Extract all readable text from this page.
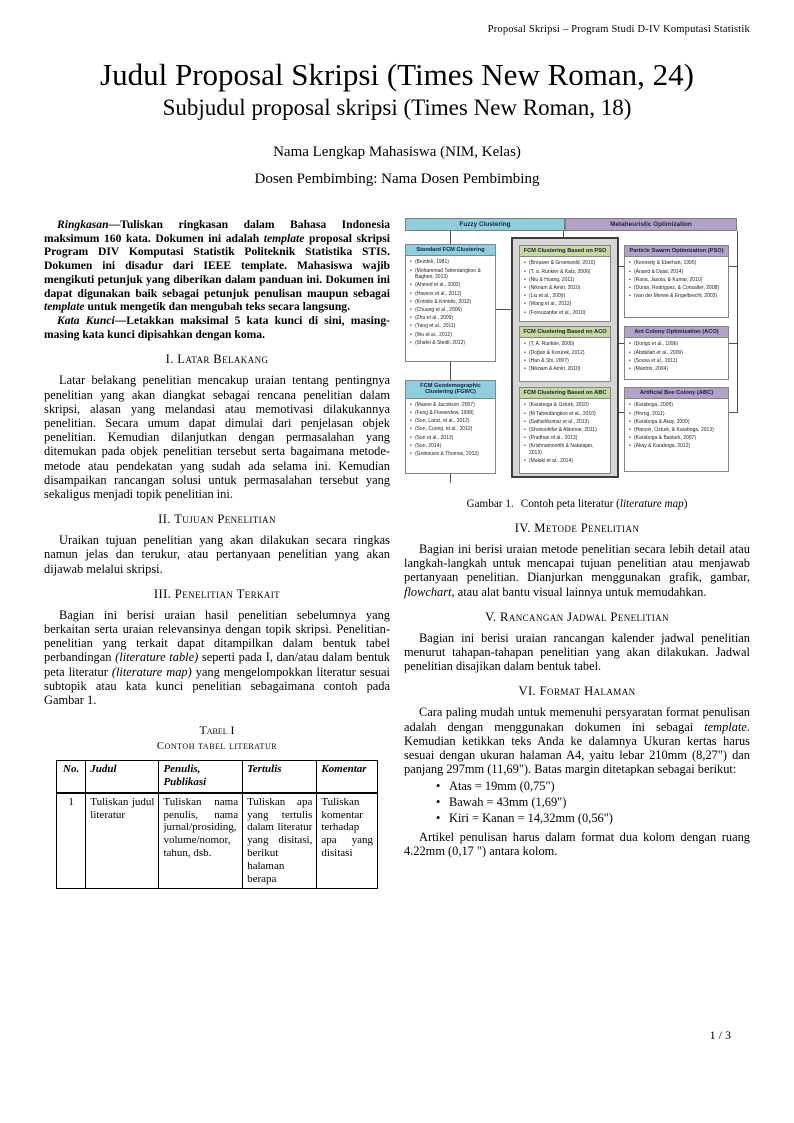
Proposal Skripsi – Program Studi D-IV Komputasi Statistik
Judul Proposal Skripsi (Times New Roman, 24)
Subjudul proposal skripsi (Times New Roman, 18)
Nama Lengkap Mahasiswa (NIM, Kelas)
Dosen Pembimbing: Nama Dosen Pembimbing

Ringkasan—Tuliskan ringkasan dalam Bahasa Indonesia maksimum 160 kata. Dokumen ini adalah template proposal skripsi Program DIV Komputasi Statistik Politeknik Statistika STIS. Dokumen ini disadur dari IEEE template. Mahasiswa wajib mengikuti petunjuk yang diberikan dalam panduan ini. Dokumen ini dapat digunakan baik sebagai petunjuk penulisan maupun sebagai template untuk mengetik dan mengubah teks secara langsung.

Kata Kunci—Letakkan maksimal 5 kata kunci di sini, masing-masing kata kunci dipisahkan dengan koma.

I. Latar Belakang

Latar belakang penelitian mencakup uraian tentang pentingnya penelitian yang akan diangkat sebagai rencana penelitian dalam skripsi, alasan yang melandasi atau memotivasi dilakukannya penelitian. Secara umum dapat dimulai dari penjelasan objek penelitian. Kemudian dilanjutkan dengan permasalahan yang ditemukan pada objek penelitian tersebut serta bagaimana metode-metode atau pendekatan yang sudah ada selama ini. Kemudian disampaikan rancangan solusi untuk permasalahan tersebut yang sekaligus menjadi topik penelitian ini.

II. Tujuan Penelitian

Uraikan tujuan penelitian yang akan dilakukan secara ringkas namun jelas dan terukur, atau pertanyaan penelitian yang akan dijawab melalui skripsi.

III. Penelitian Terkait

Bagian ini berisi uraian hasil penelitian sebelumnya yang berkaitan serta uraian relevansinya dengan topik skripsi. Penelitian-penelitian yang terkait dapat ditampilkan dalam bentuk tabel perbandingan (literature table) seperti pada I, dan/atau dalam bentuk peta literatur (literature map) yang mengelompokkan literatur sesuai subtopik atau kata kunci penelitian sebagaimana contoh pada Gambar 1.

Tabel I
Contoh tabel literatur
No.	Judul	Penulis, Publikasi	Tertulis	Komentar
1	Tuliskan judul literatur	Tuliskan nama penulis, nama jurnal/prosiding, volume/nomor, tahun, dsb.	Tuliskan apa yang tertulis dalam literatur yang disitasi, berikut halaman berapa	Tuliskan komentar terhadap apa yang disitasi
Fuzzy Clustering	Metaheuristic Optimization
Standard FCM Clustering
• (Bezdek, 1981)
• (Mohammad Taherdangkoo & Bagheri, 2013)
• (Ahmed et al., 2002)
• (Havens et al., 2012)
• (Krinidis & Krinidis, 2012)
• (Chuang et al., 2006)
• (Zhu et al., 2009)
• (Yang et al., 2011)
• (Wu et al., 2012)
• (Shafei & Steidl, 2012)
FCM Geodemographic Clustering (FGWC)
• (Mason & Jacobson, 2007)
• (Feng & Flowerdew, 1998)
• (Son, Lanzi, et al., 2012)
• (Son, Cuong, et al., 2012)
• (Son et al., 2013)
• (Son, 2014)
• (Grekousis & Thomas, 2012)
FCM Clustering Based on PSO
• (Brouwer & Groenwold, 2010)
• (T. a. Runkler & Katz, 2006)
• (Niu & Huang, 2011)
• (Niknam & Amiri, 2010)
• (Liu et al., 2009)
• (Wang et al., 2012)
• (Forouzanfar et al., 2010)
FCM Clustering Based on ACO
• (T. A. Runkler, 2005)
• (Doğan & Korürek, 2012)
• (Han & Shi, 2007)
• (Niknam & Amiri, 2010)
FCM Clustering Based on ABC
• (Karaboga & Ozturk, 2010)
• (M Taherdangkoo et al., 2010)
• (Sathishkumar et al., 2013)
• (Shokouhifar & Abkenar, 2011)
• (Pradhan et al., 2013)
• (Krishnamoorthi & Natarajan, 2013)
• (Malaki et al., 2014)
Particle Swarm Optimization (PSO)
• (Kennedy & Eberhart, 1995)
• (Anand & Dalal, 2014)
• (Rana, Jasola, & Kumar, 2010)
• (Duran, Rodriguez, & Consalter, 2008)
• (van der Merwe & Engelbrecht, 2003)
Ant Colony Optimization (ACO)
• (Dorigo et al., 1996)
• (Abdallah et al., 2009)
• (Sousa et al., 2011)
• (Manfrin, 2004)
Artificial Bee Colony (ABC)
• (Karaboga, 2005)
• (Horng, 2011)
• (Karaboga & Akay, 2009)
• (Hancer, Ozturk, & Karaboga, 2013)
• (Karaboga & Basturk, 2007)
• (Akay & Karaboga, 2012)
Gambar 1. Contoh peta literatur (literature map)
IV. Metode Penelitian

Bagian ini berisi uraian metode penelitian secara lebih detail atau langkah-langkah untuk mencapai tujuan penelitian atau menjawab pertanyaan penelitian. Dianjurkan menggunakan grafik, gambar, flowchart, atau alat bantu visual lainnya untuk memudahkan.

V. Rancangan Jadwal Penelitian

Bagian ini berisi uraian rancangan kalender jadwal penelitian menurut tahapan-tahapan penelitian yang akan dilakukan. Jadwal penelitian disajikan dalam bentuk tabel.

VI. Format Halaman

Cara paling mudah untuk memenuhi persyaratan format penulisan adalah dengan menggunakan dokumen ini sebagai template. Kemudian ketikkan teks Anda ke dalamnya Ukuran kertas harus sesuai dengan ukuran halaman A4, yaitu lebar 210mm (8,27") dan panjang 297mm (11,69"). Batas margin ditetapkan sebagai berikut:

• Atas = 19mm (0,75")
• Bawah = 43mm (1,69")
• Kiri = Kanan = 14,32mm (0,56")

Artikel penulisan harus dalam format dua kolom dengan ruang 4.22mm (0,17 ") antara kolom.

1 / 3
